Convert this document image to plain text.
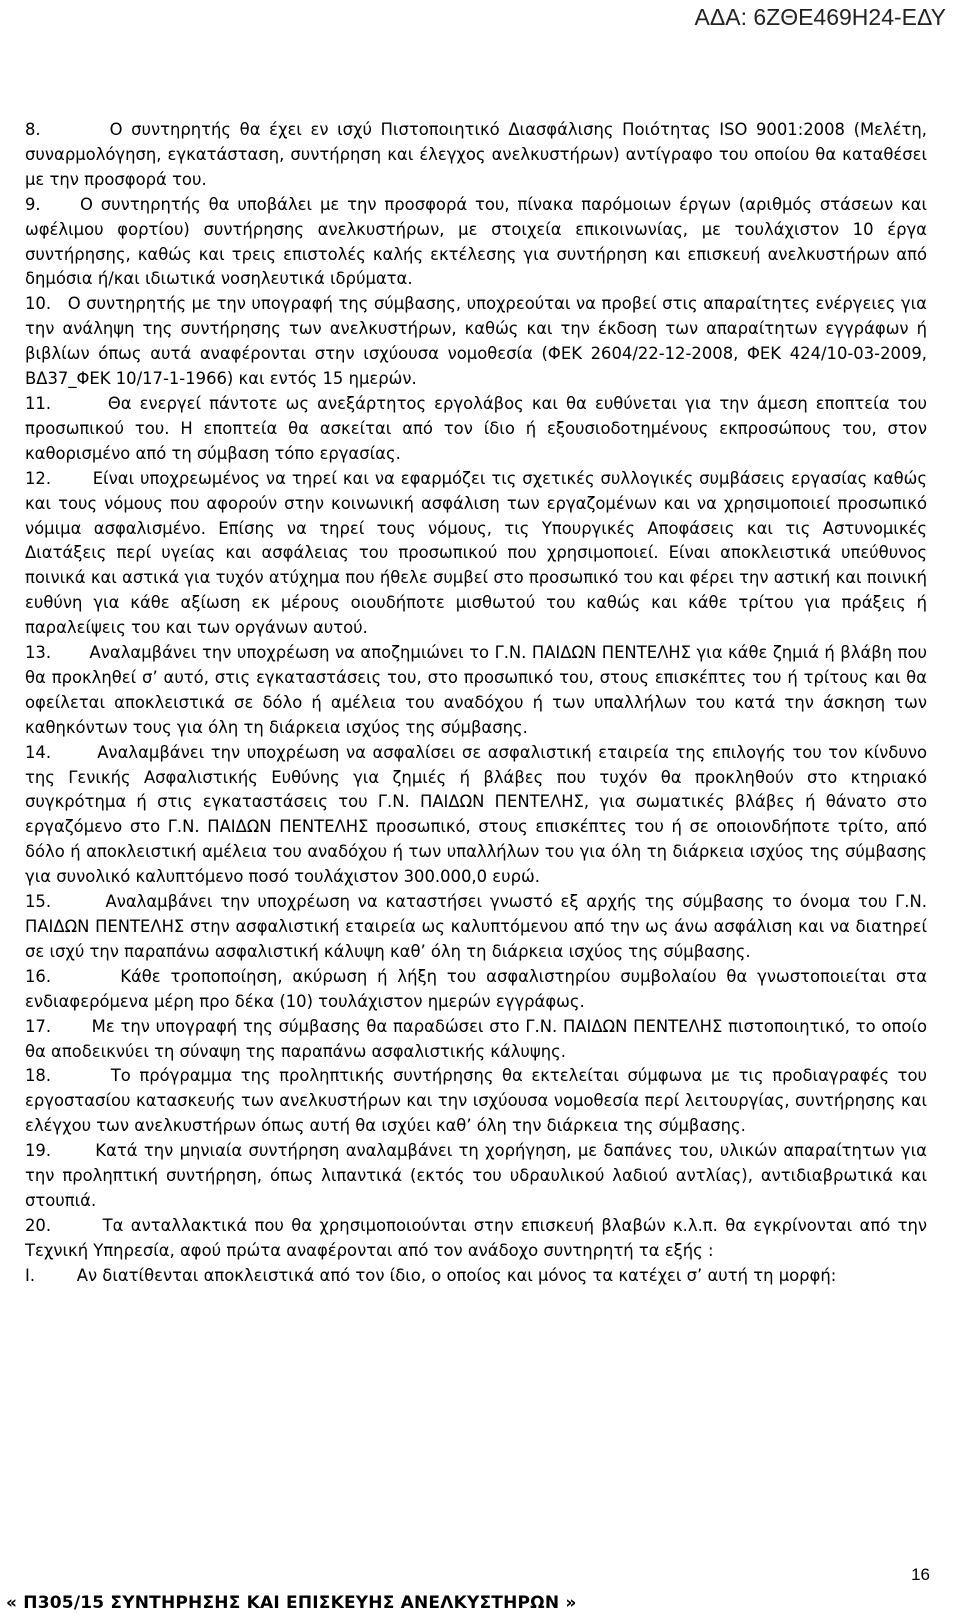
ΑΔΑ: 6ΖΘΕ469Η24-ΕΔΥ

8.        Ο συντηρητής θα έχει εν ισχύ Πιστοποιητικό Διασφάλισης Ποιότητας ISO 9001:2008 (Μελέτη, συναρμολόγηση, εγκατάσταση, συντήρηση και έλεγχος ανελκυστήρων) αντίγραφο του οποίου θα καταθέσει με την προσφορά του.

9.     Ο συντηρητής θα υποβάλει με την προσφορά του, πίνακα παρόμοιων έργων (αριθμός στάσεων και ωφέλιμου φορτίου) συντήρησης ανελκυστήρων, με στοιχεία επικοινωνίας, με τουλάχιστον 10 έργα συντήρησης, καθώς και τρεις επιστολές καλής εκτέλεσης για συντήρηση και επισκευή ανελκυστήρων από δημόσια ή/και ιδιωτικά νοσηλευτικά ιδρύματα.

10.   Ο συντηρητής με την υπογραφή της σύμβασης, υποχρεούται να προβεί στις απαραίτητες ενέργειες για την ανάληψη της συντήρησης των ανελκυστήρων, καθώς και την έκδοση των απαραίτητων εγγράφων ή βιβλίων όπως αυτά αναφέρονται στην ισχύουσα νομοθεσία (ΦΕΚ 2604/22-12-2008, ΦΕΚ 424/10-03-2009, ΒΔ37_ΦΕΚ 10/17-1-1966) και εντός 15 ημερών.

11.       Θα ενεργεί πάντοτε ως ανεξάρτητος εργολάβος και θα ευθύνεται για την άμεση εποπτεία του προσωπικού του. Η εποπτεία θα ασκείται από τον ίδιο ή εξουσιοδοτημένους εκπροσώπους του, στον καθορισμένο από τη σύμβαση τόπο εργασίας.

12.       Είναι υποχρεωμένος να τηρεί και να εφαρμόζει τις σχετικές συλλογικές συμβάσεις εργασίας καθώς και τους νόμους που αφορούν στην κοινωνική ασφάλιση των εργαζομένων και να χρησιμοποιεί προσωπικό νόμιμα ασφαλισμένο. Επίσης να τηρεί τους νόμους, τις Υπουργικές Αποφάσεις και τις Αστυνομικές Διατάξεις περί υγείας και ασφάλειας του προσωπικού που χρησιμοποιεί. Είναι αποκλειστικά υπεύθυνος ποινικά και αστικά για τυχόν ατύχημα που ήθελε συμβεί στο προσωπικό του και φέρει την αστική και ποινική ευθύνη για κάθε αξίωση εκ μέρους οιουδήποτε μισθωτού του καθώς και κάθε τρίτου για πράξεις ή παραλείψεις του και των οργάνων αυτού.

13.       Αναλαμβάνει την υποχρέωση να αποζημιώνει το Γ.Ν. ΠΑΙΔΩΝ ΠΕΝΤΕΛΗΣ για κάθε ζημιά ή βλάβη που θα προκληθεί σ’ αυτό, στις εγκαταστάσεις του, στο προσωπικό του, στους επισκέπτες του ή τρίτους και θα οφείλεται αποκλειστικά σε δόλο ή αμέλεια του αναδόχου ή των υπαλλήλων του κατά την άσκηση των καθηκόντων τους για όλη τη διάρκεια ισχύος της σύμβασης.

14.       Αναλαμβάνει την υποχρέωση να ασφαλίσει σε ασφαλιστική εταιρεία της επιλογής του τον κίνδυνο της Γενικής Ασφαλιστικής Ευθύνης για ζημιές ή βλάβες που τυχόν θα προκληθούν στο κτηριακό συγκρότημα ή στις εγκαταστάσεις του Γ.Ν. ΠΑΙΔΩΝ ΠΕΝΤΕΛΗΣ, για σωματικές βλάβες ή θάνατο στο εργαζόμενο στο Γ.Ν. ΠΑΙΔΩΝ ΠΕΝΤΕΛΗΣ προσωπικό, στους επισκέπτες του ή σε οποιονδήποτε τρίτο, από δόλο ή αποκλειστική αμέλεια του αναδόχου ή των υπαλλήλων του για όλη τη διάρκεια ισχύος της σύμβασης για συνολικό καλυπτόμενο ποσό τουλάχιστον 300.000,0 ευρώ.

15.       Αναλαμβάνει την υποχρέωση να καταστήσει γνωστό εξ αρχής της σύμβασης το όνομα του Γ.Ν. ΠΑΙΔΩΝ ΠΕΝΤΕΛΗΣ στην ασφαλιστική εταιρεία ως καλυπτόμενου από την ως άνω ασφάλιση και να διατηρεί σε ισχύ την παραπάνω ασφαλιστική κάλυψη καθ’ όλη τη διάρκεια ισχύος της σύμβασης.

16.       Κάθε τροποποίηση, ακύρωση ή λήξη του ασφαλιστηρίου συμβολαίου θα γνωστοποιείται στα ενδιαφερόμενα μέρη προ δέκα (10) τουλάχιστον ημερών εγγράφως.

17.       Με την υπογραφή της σύμβασης θα παραδώσει στο Γ.Ν. ΠΑΙΔΩΝ ΠΕΝΤΕΛΗΣ πιστοποιητικό, το οποίο θα αποδεικνύει τη σύναψη της παραπάνω ασφαλιστικής κάλυψης.

18.       Το πρόγραμμα της προληπτικής συντήρησης θα εκτελείται σύμφωνα με τις προδιαγραφές του εργοστασίου κατασκευής των ανελκυστήρων και την ισχύουσα νομοθεσία περί λειτουργίας, συντήρησης και ελέγχου των ανελκυστήρων όπως αυτή θα ισχύει καθ’ όλη την διάρκεια της σύμβασης.

19.       Κατά την μηνιαία συντήρηση αναλαμβάνει τη χορήγηση, με δαπάνες του, υλικών απαραίτητων για την προληπτική συντήρηση, όπως λιπαντικά (εκτός του υδραυλικού λαδιού αντλίας), αντιδιαβρωτικά και στουπιά.

20.       Τα ανταλλακτικά που θα χρησιμοποιούνται στην επισκευή βλαβών κ.λ.π. θα εγκρίνονται από την Τεχνική Υπηρεσία, αφού πρώτα αναφέρονται από τον ανάδοχο συντηρητή τα εξής :

Ι.        Αν διατίθενται αποκλειστικά από τον ίδιο, ο οποίος και μόνος τα κατέχει σ’ αυτή τη μορφή:

16
« Π305/15 ΣΥΝΤΗΡΗΣΗΣ ΚΑΙ ΕΠΙΣΚΕΥΗΣ ΑΝΕΛΚΥΣΤΗΡΩΝ »
